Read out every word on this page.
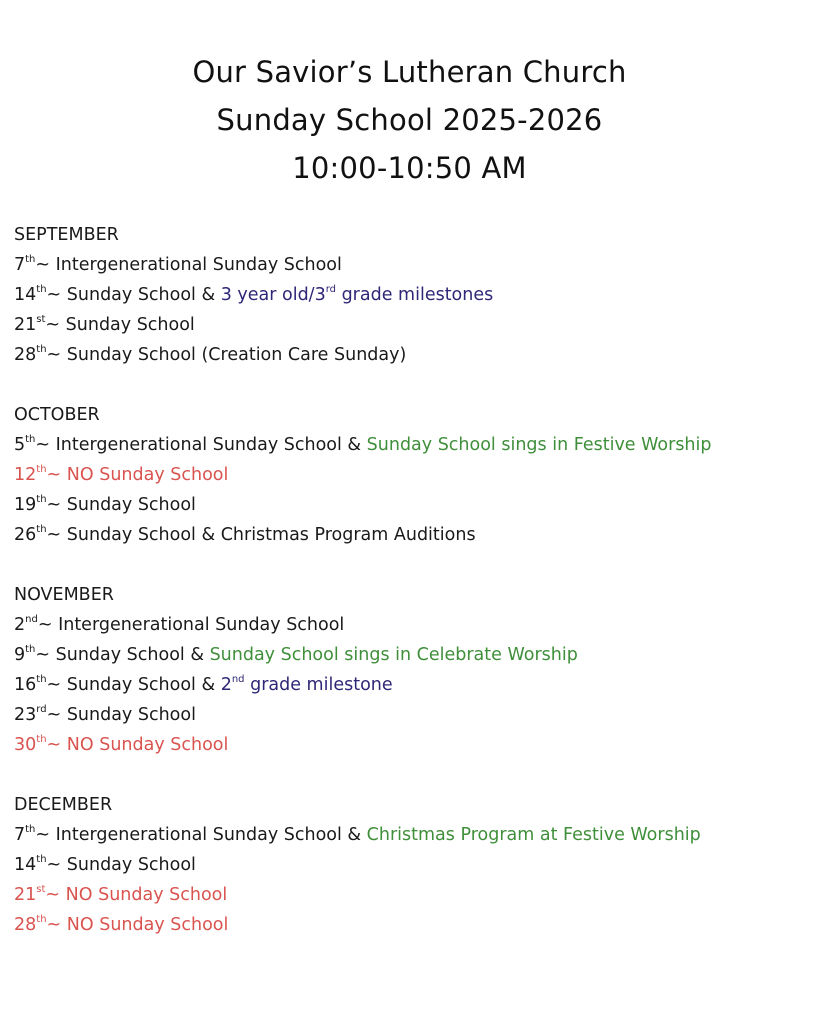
Our Savior’s Lutheran Church
Sunday School 2025-2026
10:00-10:50 AM
SEPTEMBER
7th~ Intergenerational Sunday School
14th~ Sunday School & 3 year old/3rd grade milestones
21st~ Sunday School
28th~ Sunday School (Creation Care Sunday)
OCTOBER
5th~ Intergenerational Sunday School & Sunday School sings in Festive Worship
12th~ NO Sunday School
19th~ Sunday School
26th~ Sunday School & Christmas Program Auditions
NOVEMBER
2nd~ Intergenerational Sunday School
9th~ Sunday School & Sunday School sings in Celebrate Worship
16th~ Sunday School & 2nd grade milestone
23rd~ Sunday School
30th~ NO Sunday School
DECEMBER
7th~ Intergenerational Sunday School & Christmas Program at Festive Worship
14th~ Sunday School
21st~ NO Sunday School
28th~ NO Sunday School
